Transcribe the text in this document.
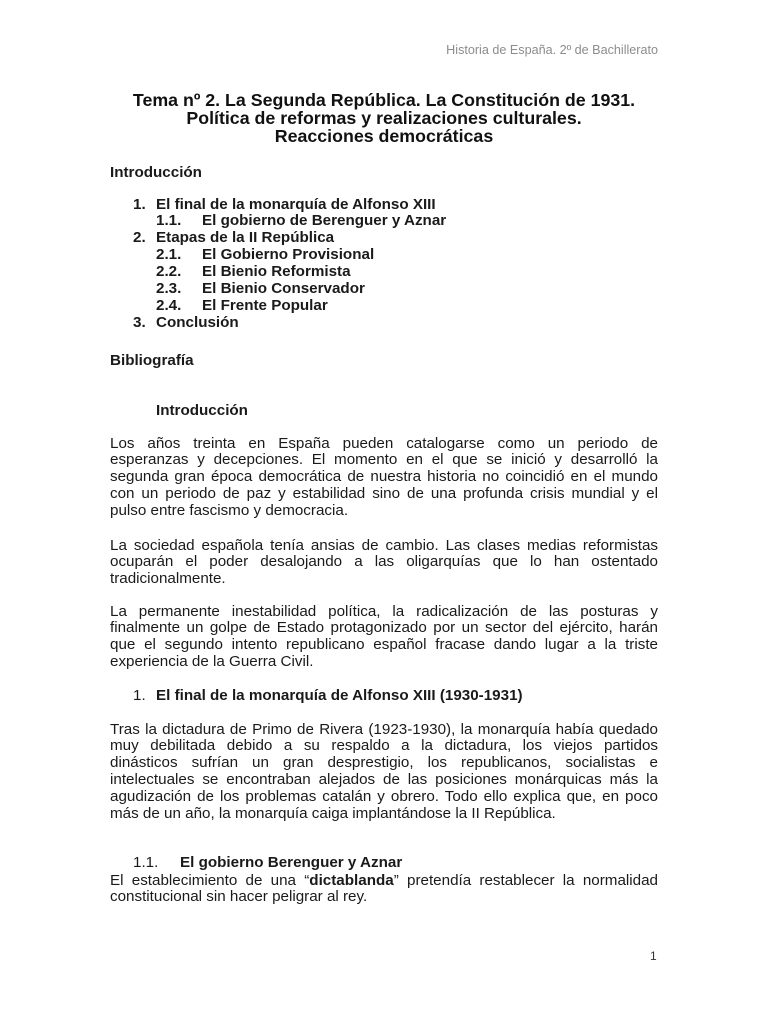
Historia de España. 2º de Bachillerato
Tema nº 2. La Segunda República. La Constitución de 1931.
Política de reformas y realizaciones culturales.
Reacciones democráticas
Introducción
1. El final de la monarquía de Alfonso XIII
1.1. El gobierno de Berenguer y Aznar
2. Etapas de la II República
2.1. El Gobierno Provisional
2.2. El Bienio Reformista
2.3. El Bienio Conservador
2.4. El Frente Popular
3. Conclusión
Bibliografía
Introducción
Los años treinta en España pueden catalogarse como un periodo de
esperanzas y decepciones. El momento en el que se inició y desarrolló la
segunda gran época democrática de nuestra historia no coincidió en el mundo
con un periodo de paz y estabilidad sino de una profunda crisis mundial y el
pulso entre fascismo y democracia.
La sociedad española tenía ansias de cambio. Las clases medias reformistas
ocuparán el poder desalojando a las oligarquías que lo han ostentado
tradicionalmente.
La permanente inestabilidad política, la radicalización de las posturas y
finalmente un golpe de Estado protagonizado por un sector del ejército, harán
que el segundo intento republicano español fracase dando lugar a la triste
experiencia de la Guerra Civil.
1. El final de la monarquía de Alfonso XIII (1930-1931)
Tras la dictadura de Primo de Rivera (1923-1930), la monarquía había quedado
muy debilitada debido a su respaldo a la dictadura, los viejos partidos
dinásticos sufrían un gran desprestigio, los republicanos, socialistas e
intelectuales se encontraban alejados de las posiciones monárquicas más la
agudización de los problemas catalán y obrero. Todo ello explica que, en poco
más de un año, la monarquía caiga implantándose la II República.
1.1. El gobierno Berenguer y Aznar
El establecimiento de una “dictablanda” pretendía restablecer la normalidad
constitucional sin hacer peligrar al rey.
1
